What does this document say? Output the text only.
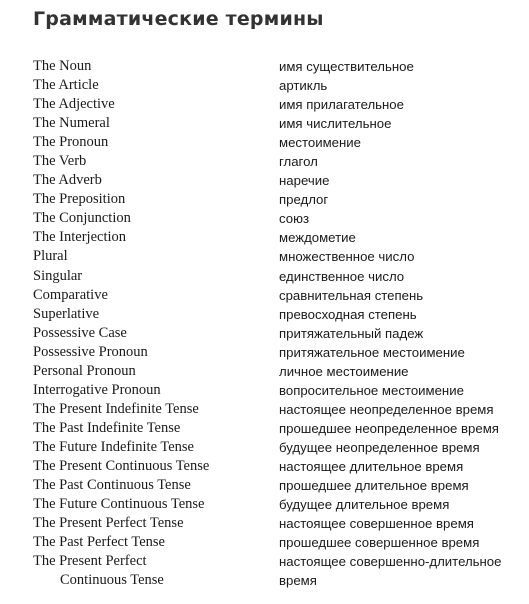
Грамматические термины
The Noun	имя существительное
The Article	артикль
The Adjective	имя прилагательное
The Numeral	имя числительное
The Pronoun	местоимение
The Verb	глагол
The Adverb	наречие
The Preposition	предлог
The Conjunction	союз
The Interjection	междометие
Plural	множественное число
Singular	единственное число
Comparative	сравнительная степень
Superlative	превосходная степень
Possessive Case	притяжательный падеж
Possessive Pronoun	притяжательное местоимение
Personal Pronoun	личное местоимение
Interrogative Pronoun	вопросительное местоимение
The Present Indefinite Tense	настоящее неопределенное время
The Past Indefinite Tense	прошедшее неопределенное время
The Future Indefinite Tense	будущее неопределенное время
The Present Continuous Tense	настоящее длительное время
The Past Continuous Tense	прошедшее длительное время
The Future Continuous Tense	будущее длительное время
The Present Perfect Tense	настоящее совершенное время
The Past Perfect Tense	прошедшее совершенное время
The Present Perfect	настоящее совершенно-длительное
Continuous Tense	время
